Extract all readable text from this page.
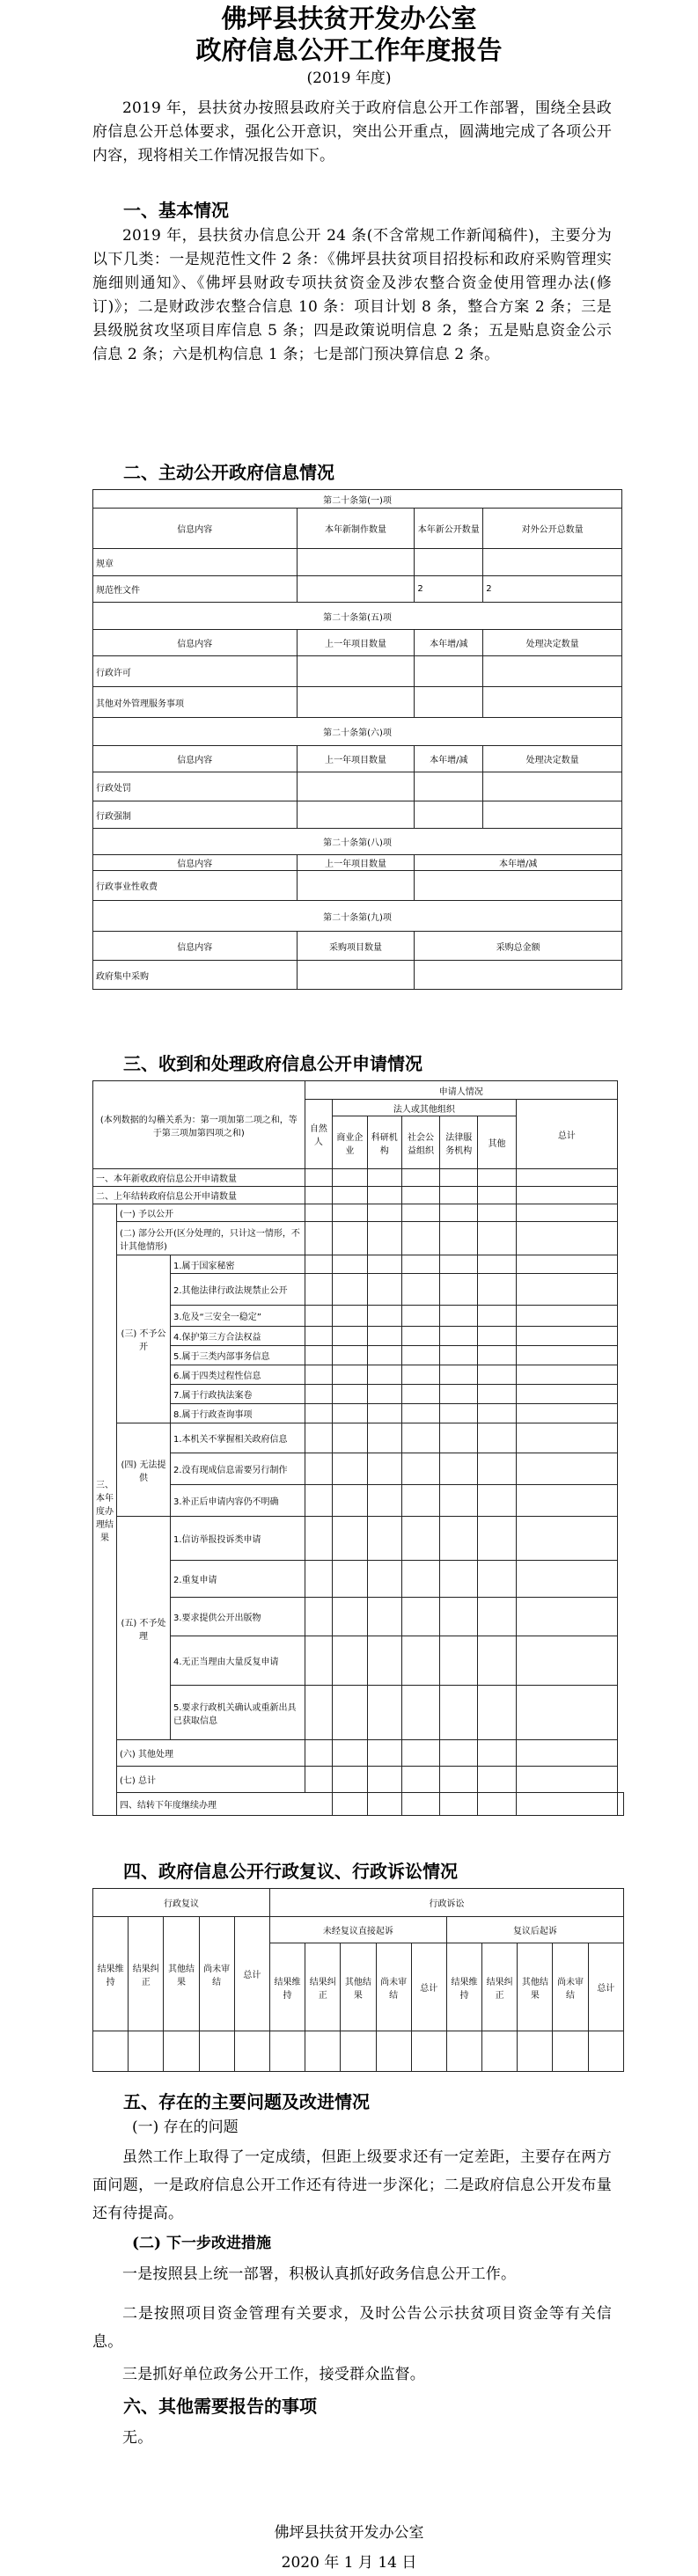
佛坪县扶贫开发办公室
政府信息公开工作年度报告
(2019 年度)
2019 年，县扶贫办按照县政府关于政府信息公开工作部署，围绕全县政府信息公开总体要求，强化公开意识，突出公开重点，圆满地完成了各项公开内容，现将相关工作情况报告如下。
一、基本情况
2019 年，县扶贫办信息公开 24 条(不含常规工作新闻稿件)，主要分为以下几类：一是规范性文件 2 条：《佛坪县扶贫项目招投标和政府采购管理实施细则通知》、《佛坪县财政专项扶贫资金及涉农整合资金使用管理办法(修订)》；二是财政涉农整合信息 10 条：项目计划 8 条，整合方案 2 条；三是县级脱贫攻坚项目库信息 5 条；四是政策说明信息 2 条；五是贴息资金公示信息 2 条；六是机构信息 1 条；七是部门预决算信息 2 条。
二、主动公开政府信息情况
第二十条第(一)项			
信息内容	本年新制作数量	本年新公开数量	对外公开总数量
规章			
规范性文件		2	2
第二十条第(五)项			
信息内容	上一年项目数量	本年增/减	处理决定数量
行政许可			
其他对外管理服务事项			
第二十条第(六)项			
信息内容	上一年项目数量	本年增/减	处理决定数量
行政处罚			
行政强制			
第二十条第(八)项			
信息内容	上一年项目数量	本年增/减	
行政事业性收费			
第二十条第(九)项			
信息内容	采购项目数量	采购总金额	
政府集中采购			
三、收到和处理政府信息公开申请情况
(本列数据的勾稽关系为：第一项加第二项之和，等于第三项加第四项之和)			申请人情况							
			自然人	法人或其他组织					总计	
				商业企业	科研机构	社会公益组织	法律服务机构	其他		
一、本年新收政府信息公开申请数量										
二、上年结转政府信息公开申请数量										
三、本年度办理结果	(一) 予以公开									
	(二) 部分公开(区分处理的，只计这一情形，不计其他情形)									
	(三) 不予公开	1.属于国家秘密								
		2.其他法律行政法规禁止公开								
		3.危及“三安全一稳定”								
		4.保护第三方合法权益								
		5.属于三类内部事务信息								
		6.属于四类过程性信息								
		7.属于行政执法案卷								
		8.属于行政查询事项								
	(四) 无法提供	1.本机关不掌握相关政府信息								
		2.没有现成信息需要另行制作								
		3.补正后申请内容仍不明确								
	(五) 不予处理	1.信访举报投诉类申请								
		2.重复申请								
		3.要求提供公开出版物								
		4.无正当理由大量反复申请								
		5.要求行政机关确认或重新出具已获取信息								
	(六) 其他处理									
	(七) 总计									
	四、结转下年度继续办理									
四、政府信息公开行政复议、行政诉讼情况
行政复议					行政诉讼									
结果维持	结果纠正	其他结果	尚未审结	总计	未经复议直接起诉					复议后起诉				
					结果维持	结果纠正	其他结果	尚未审结	总计	结果维持	结果纠正	其他结果	尚未审结	总计

五、存在的主要问题及改进情况
(一) 存在的问题
虽然工作上取得了一定成绩，但距上级要求还有一定差距，主要存在两方面问题，一是政府信息公开工作还有待进一步深化；二是政府信息公开发布量还有待提高。
(二) 下一步改进措施
一是按照县上统一部署，积极认真抓好政务信息公开工作。
二是按照项目资金管理有关要求，及时公告公示扶贫项目资金等有关信息。
三是抓好单位政务公开工作，接受群众监督。
六、其他需要报告的事项
无。
佛坪县扶贫开发办公室
2020 年 1 月 14 日
